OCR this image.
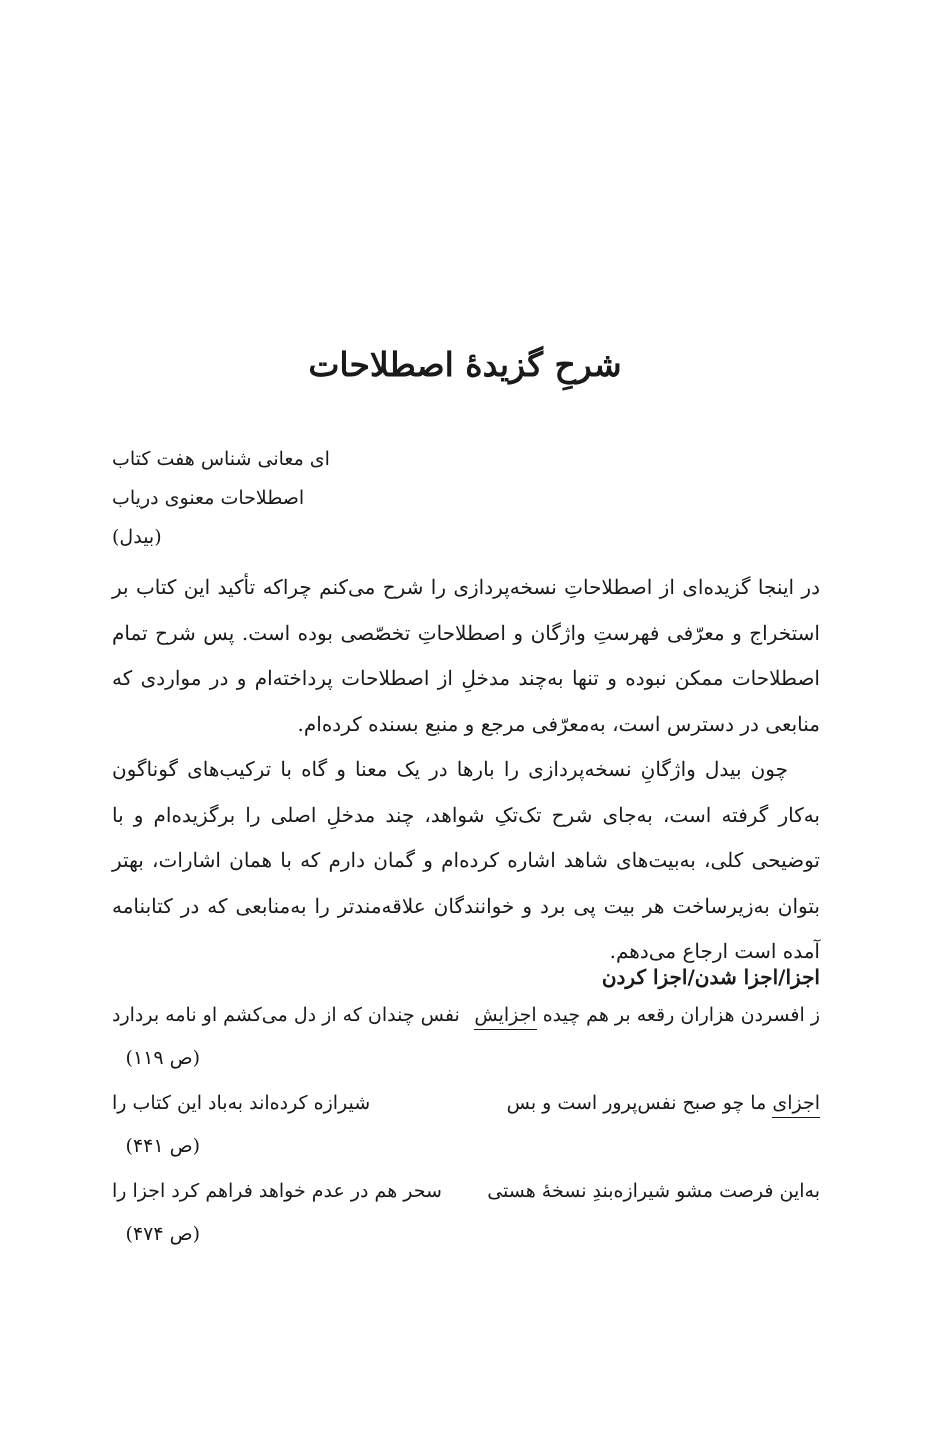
شرحِ گزیدهٔ اصطلاحات
ای معانی شناس هفت کتاب
اصطلاحات معنوی دریاب
(بیدل)

در اینجا گزیده‌ای از اصطلاحاتِ نسخه‌پردازی را شرح می‌کنم چراکه تأکید این کتاب بر استخراج و معرّفی فهرستِ واژگان و اصطلاحاتِ تخصّصی بوده است. پس شرح تمام اصطلاحات ممکن نبوده و تنها به‌چند مدخلِ از اصطلاحات پرداخته‌ام و در مواردی که منابعی در دسترس است، به‌معرّفی مرجع و منبع بسنده کرده‌ام.

چون بیدل واژگانِ نسخه‌پردازی را بارها در یک معنا و گاه با ترکیب‌های گوناگون به‌کار گرفته است، به‌جای شرح تک‌تکِ شواهد، چند مدخلِ اصلی را برگزیده‌ام و با توضیحی کلی، به‌بیت‌های شاهد اشاره کرده‌ام و گمان دارم که با همان اشارات، بهتر بتوان به‌زیرساخت هر بیت پی برد و خوانندگان علاقه‌مندتر را به‌منابعی که در کتابنامه آمده است ارجاع می‌دهم.

اجزا/اجزا شدن/اجزا کردن
ز افسردن هزاران رقعه بر هم چیده اجزایش
نفس چندان که از دل می‌کشم او نامه بردارد
(ص ۱۱۹)
اجزای ما چو صبح نفس‌پرور است و بس
شیرازه کرده‌اند به‌باد این کتاب را
(ص ۴۴۱)
به‌این فرصت مشو شیرازه‌بندِ نسخهٔ هستی
سحر هم در عدم خواهد فراهم کرد اجزا را
(ص ۴۷۴)
